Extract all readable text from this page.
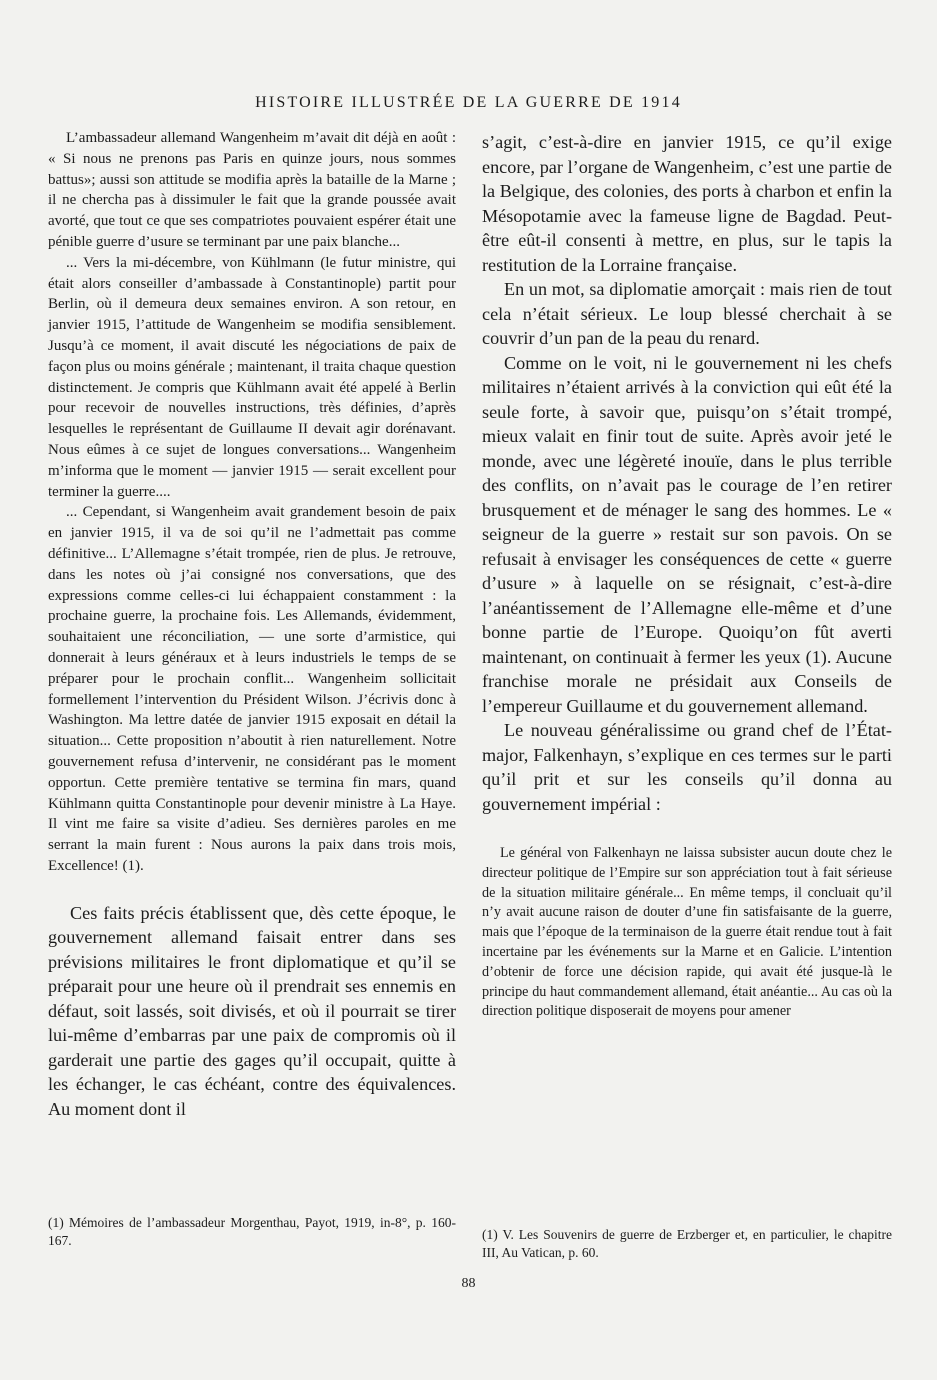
HISTOIRE ILLUSTRÉE DE LA GUERRE DE 1914

L’ambassadeur allemand Wangenheim m’avait dit déjà en août : « Si nous ne prenons pas Paris en quinze jours, nous sommes battus»; aussi son attitude se modifia après la bataille de la Marne ; il ne chercha pas à dissimuler le fait que la grande poussée avait avorté, que tout ce que ses compatriotes pouvaient espérer était une pénible guerre d’usure se terminant par une paix blanche...

... Vers la mi-décembre, von Kühlmann (le futur ministre, qui était alors conseiller d’ambassade à Constantinople) partit pour Berlin, où il demeura deux semaines environ. A son retour, en janvier 1915, l’attitude de Wangenheim se modifia sensiblement. Jusqu’à ce moment, il avait discuté les négociations de paix de façon plus ou moins générale ; maintenant, il traita chaque question distinctement. Je compris que Kühlmann avait été appelé à Berlin pour recevoir de nouvelles instructions, très définies, d’après lesquelles le représentant de Guillaume II devait agir dorénavant. Nous eûmes à ce sujet de longues conversations... Wangenheim m’informa que le moment — janvier 1915 — serait excellent pour terminer la guerre....

... Cependant, si Wangenheim avait grandement besoin de paix en janvier 1915, il va de soi qu’il ne l’admettait pas comme définitive... L’Allemagne s’était trompée, rien de plus. Je retrouve, dans les notes où j’ai consigné nos conversations, que des expressions comme celles-ci lui échappaient constamment : la prochaine guerre, la prochaine fois. Les Allemands, évidemment, souhaitaient une réconciliation, — une sorte d’armistice, qui donnerait à leurs généraux et à leurs industriels le temps de se préparer pour le prochain conflit... Wangenheim sollicitait formellement l’intervention du Président Wilson. J’écrivis donc à Washington. Ma lettre datée de janvier 1915 exposait en détail la situation... Cette proposition n’aboutit à rien naturellement. Notre gouvernement refusa d’intervenir, ne considérant pas le moment opportun. Cette première tentative se termina fin mars, quand Kühlmann quitta Constantinople pour devenir ministre à La Haye. Il vint me faire sa visite d’adieu. Ses dernières paroles en me serrant la main furent : Nous aurons la paix dans trois mois, Excellence! (1).

Ces faits précis établissent que, dès cette époque, le gouvernement allemand faisait entrer dans ses prévisions militaires le front diplomatique et qu’il se préparait pour une heure où il prendrait ses ennemis en défaut, soit lassés, soit divisés, et où il pourrait se tirer lui-même d’embarras par une paix de compromis où il garderait une partie des gages qu’il occupait, quitte à les échanger, le cas échéant, contre des équivalences. Au moment dont il

s’agit, c’est-à-dire en janvier 1915, ce qu’il exige encore, par l’organe de Wangenheim, c’est une partie de la Belgique, des colonies, des ports à charbon et enfin la Mésopotamie avec la fameuse ligne de Bagdad. Peut-être eût-il consenti à mettre, en plus, sur le tapis la restitution de la Lorraine française.

En un mot, sa diplomatie amorçait : mais rien de tout cela n’était sérieux. Le loup blessé cherchait à se couvrir d’un pan de la peau du renard.

Comme on le voit, ni le gouvernement ni les chefs militaires n’étaient arrivés à la conviction qui eût été la seule forte, à savoir que, puisqu’on s’était trompé, mieux valait en finir tout de suite. Après avoir jeté le monde, avec une légèreté inouïe, dans le plus terrible des conflits, on n’avait pas le courage de l’en retirer brusquement et de ménager le sang des hommes. Le « seigneur de la guerre » restait sur son pavois. On se refusait à envisager les conséquences de cette « guerre d’usure » à laquelle on se résignait, c’est-à-dire l’anéantissement de l’Allemagne elle-même et d’une bonne partie de l’Europe. Quoiqu’on fût averti maintenant, on continuait à fermer les yeux (1). Aucune franchise morale ne présidait aux Conseils de l’empereur Guillaume et du gouvernement allemand.

Le nouveau généralissime ou grand chef de l’État-major, Falkenhayn, s’explique en ces termes sur le parti qu’il prit et sur les conseils qu’il donna au gouvernement impérial :

Le général von Falkenhayn ne laissa subsister aucun doute chez le directeur politique de l’Empire sur son appréciation tout à fait sérieuse de la situation militaire générale... En même temps, il concluait qu’il n’y avait aucune raison de douter d’une fin satisfaisante de la guerre, mais que l’époque de la terminaison de la guerre était rendue tout à fait incertaine par les événements sur la Marne et en Galicie. L’intention d’obtenir de force une décision rapide, qui avait été jusque-là le principe du haut commandement allemand, était anéantie... Au cas où la direction politique disposerait de moyens pour amener

(1) Mémoires de l’ambassadeur Morgenthau, Payot, 1919, in-8°, p. 160-167.	(1) V. Les Souvenirs de guerre de Erzberger et, en particulier, le chapitre III, Au Vatican, p. 60.
88
